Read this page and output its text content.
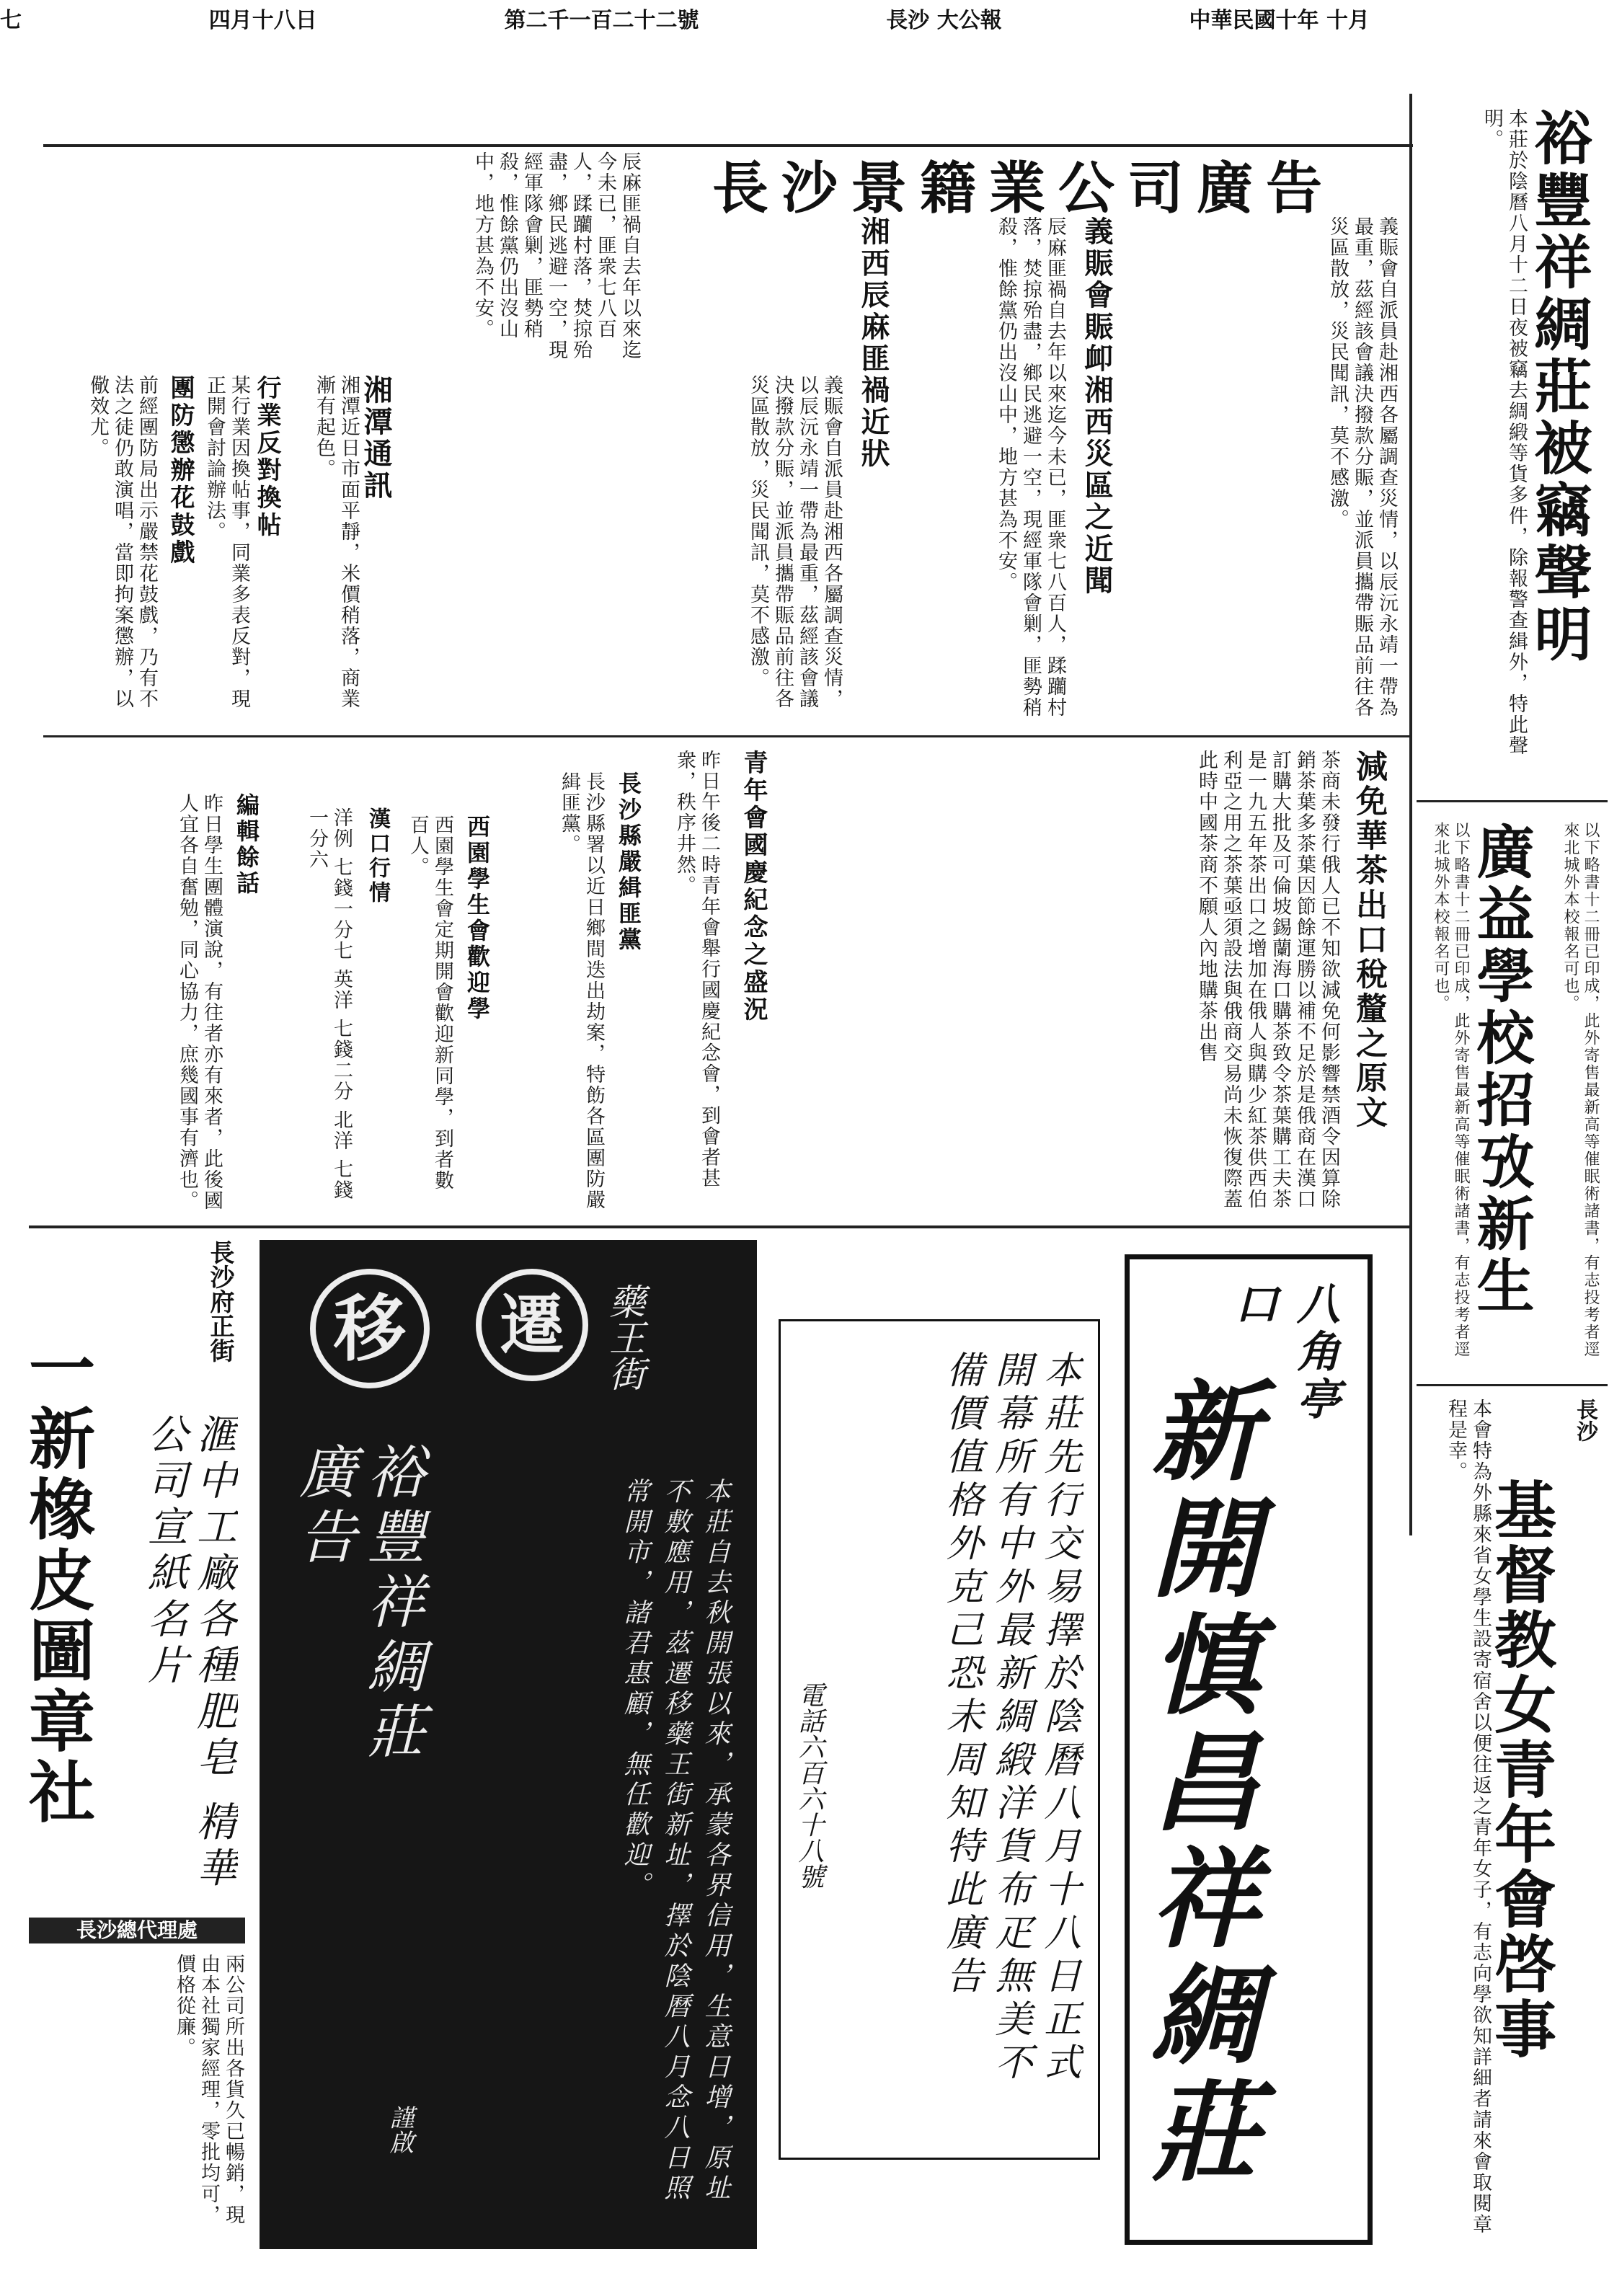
七	四月十八日	第二千一百二十二號	長沙 大公報	中華民國十年 十月
長沙景籍業公司廣告
辰麻匪禍自去年以來迄今未已，匪衆七八百人，蹂躪村落，焚掠殆盡，鄉民逃避一空，現經軍隊會剿，匪勢稍殺，惟餘黨仍出沒山中，地方甚為不安。	湘西辰麻匪禍近狀	辰麻匪禍自去年以來迄今未已，匪衆七八百人，蹂躪村落，焚掠殆盡，鄉民逃避一空，現經軍隊會剿，匪勢稍殺，惟餘黨仍出沒山中，地方甚為不安。	義賑會賑卹湘西災區之近聞	義賑會自派員赴湘西各屬調查災情，以辰沅永靖一帶為最重，茲經該會議決撥款分賑，並派員攜帶賑品前往各災區散放，災民聞訊，莫不感激。
義賑會自派員赴湘西各屬調查災情，以辰沅永靖一帶為最重，茲經該會議決撥款分賑，並派員攜帶賑品前往各災區散放，災民聞訊，莫不感激。
湘潭通訊
湘潭近日市面平靜，米價稍落，商業漸有起色。
行業反對換帖
某行業因換帖事，同業多表反對，現正開會討論辦法。
團防懲辦花鼓戲
前經團防局出示嚴禁花鼓戲，乃有不法之徒仍敢演唱，當即拘案懲辦，以儆效尤。
減免華茶出口稅釐之原文
茶商未發行俄人已不知欲減免何影響禁酒令因算除銷茶葉多茶葉因節餘運勝以補不足於是俄商在漢口訂購大批及可倫坡錫蘭海口購茶致令茶葉購工夫茶是一九五年茶出口之增加在俄人與購少紅茶供西伯利亞之用之茶葉亟須設法與俄商交易尚未恢復際蓋此時中國茶商不願人內地購茶出售
青年會國慶紀念之盛況
昨日午後二時青年會舉行國慶紀念會，到會者甚衆，秩序井然。
長沙縣嚴緝匪黨
長沙縣署以近日鄉間迭出劫案，特飭各區團防嚴緝匪黨。
西園學生會歡迎學
西園學生會定期開會歡迎新同學，到者數百人。
漢口行情
洋例 七錢一分七 英洋 七錢二分 北洋 七錢一分六
編輯餘話
昨日學生團體演說，有往者亦有來者，此後國人宜各自奮勉，同心協力，庶幾國事有濟也。
裕豐祥綢莊被竊聲明
本莊於陰曆八月十二日夜被竊去綢緞等貨多件，除報警查緝外，特此聲明。
廣益學校招攷新生
以下略書十二冊已印成，此外寄售最新高等催眠術諸書，有志投考者逕來北城外本校報名可也。	以下略書十二冊已印成，此外寄售最新高等催眠術諸書，有志投考者逕來北城外本校報名可也。
長沙
基督教女青年會啓事
本會特為外縣來省女學生設寄宿舍以便往返之青年女子，有志向學欲知詳細者請來會取閱章程是幸。
長沙府正街
一新橡皮圖章社	滙中工廠各種肥皂 精華公司宣紙名片
長沙總代理處
兩公司所出各貨久已暢銷，現由本社獨家經理，零批均可，價格從廉。
移	遷	藥王街
裕豐祥綢莊廣告	本莊自去秋開張以來，承蒙各界信用，生意日增，原址不敷應用，茲遷移藥王街新址，擇於陰曆八月念八日照常開市，諸君惠顧，無任歡迎。
謹啟
本莊先行交易擇於陰曆八月十八日正式開幕所有中外最新綢緞洋貨布疋無美不備價值格外克己恐未周知特此廣告
電話六百六十八號
八角亭口
新開慎昌祥綢莊
